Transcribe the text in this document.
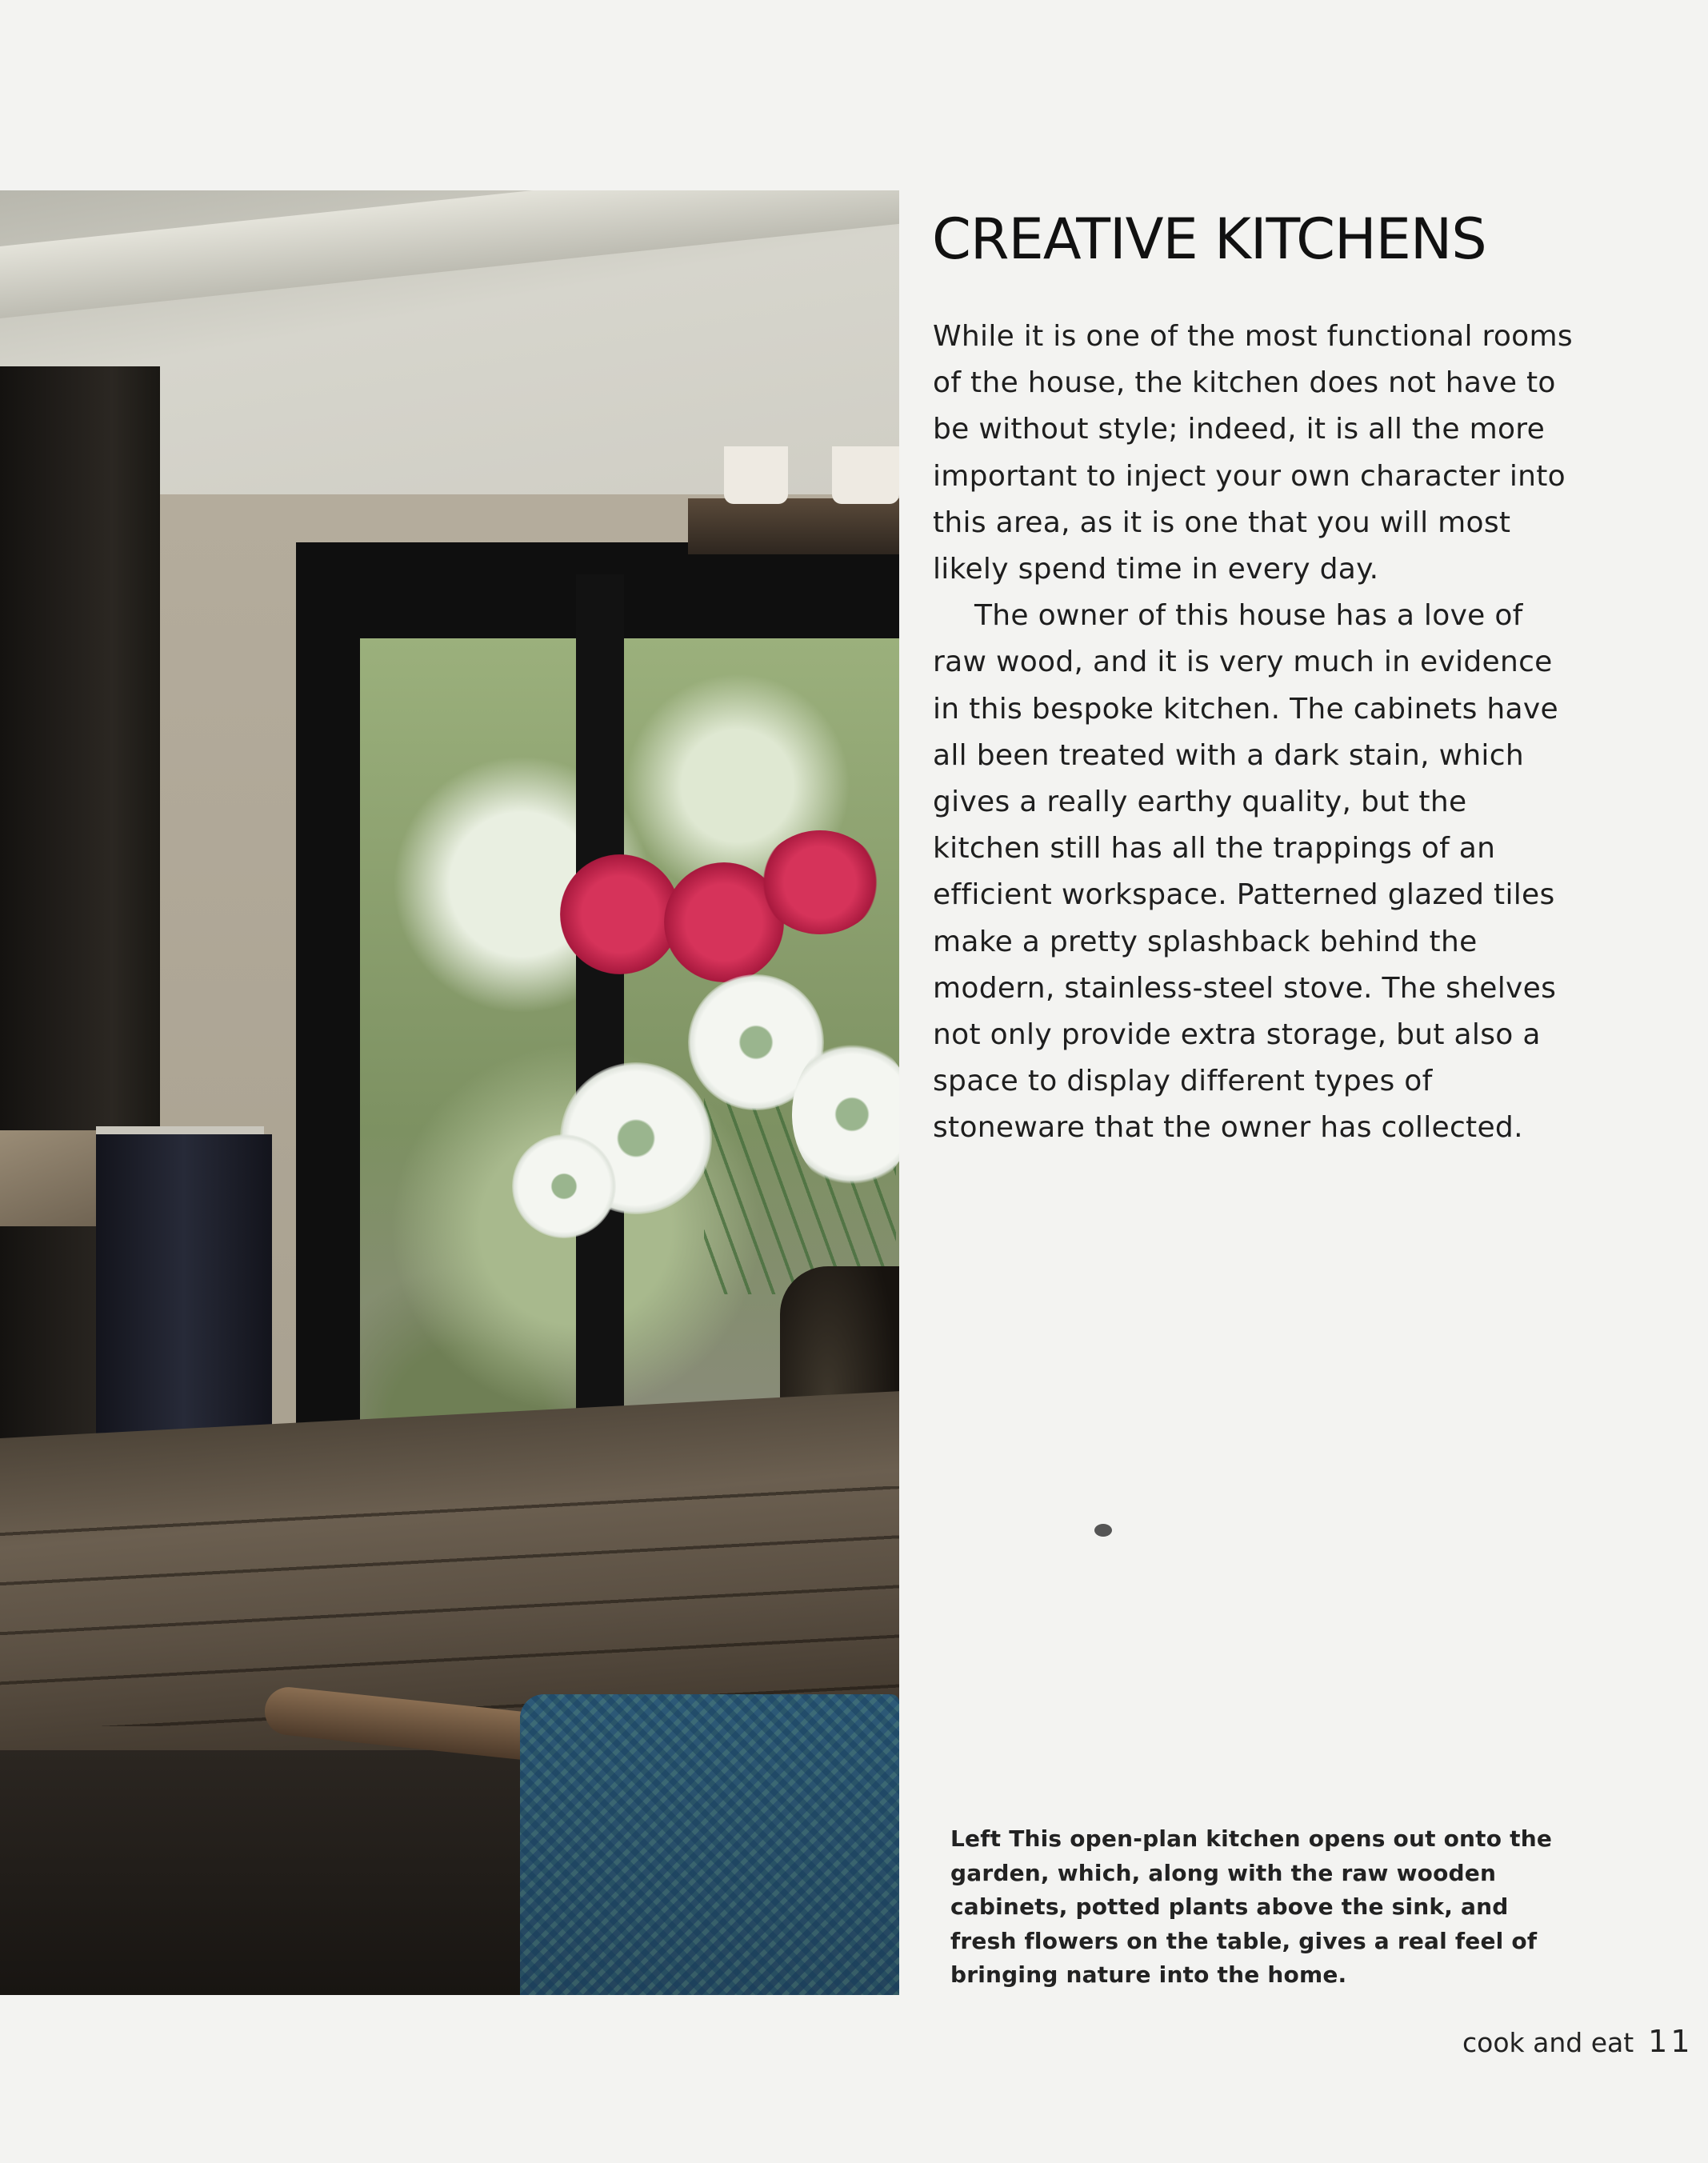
CREATIVE KITCHENS

While it is one of the most functional rooms of the house, the kitchen does not have to be without style; indeed, it is all the more important to inject your own character into this area, as it is one that you will most likely spend time in every day.

The owner of this house has a love of raw wood, and it is very much in evidence in this bespoke kitchen. The cabinets have all been treated with a dark stain, which gives a really earthy quality, but the kitchen still has all the trappings of an efficient workspace. Patterned glazed tiles make a pretty splashback behind the modern, stainless-steel stove. The shelves not only provide extra storage, but also a space to display different types of stoneware that the owner has collected.

Left This open-plan kitchen opens out onto the garden, which, along with the raw wooden cabinets, potted plants above the sink, and fresh flowers on the table, gives a real feel of bringing nature into the home.
cook and eat 11
